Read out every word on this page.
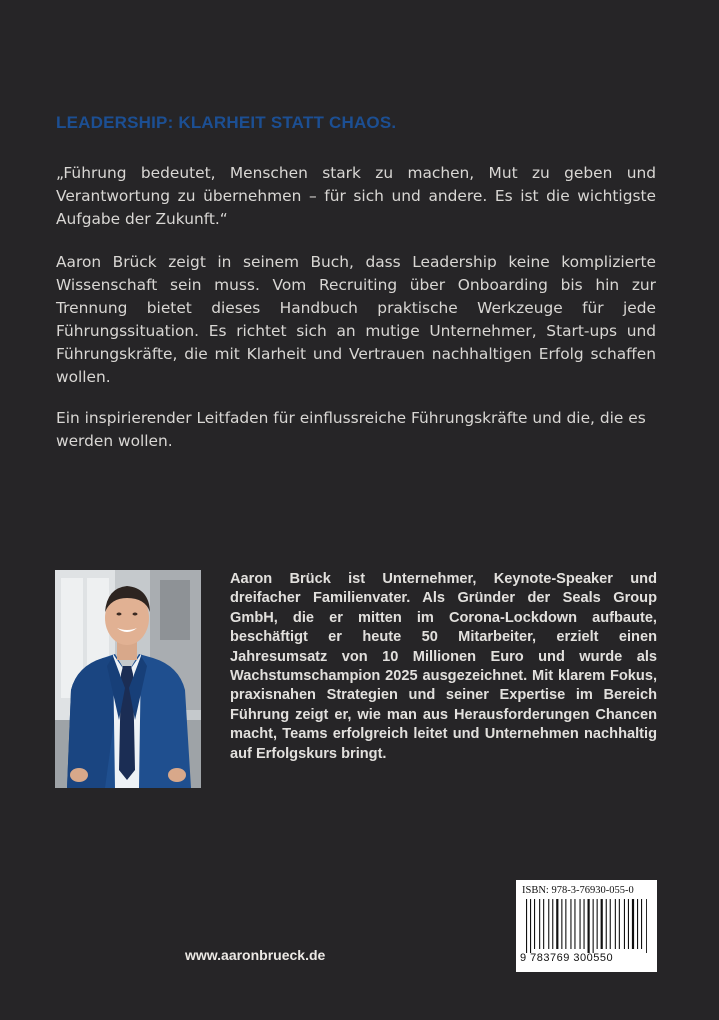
LEADERSHIP: KLARHEIT STATT CHAOS.

„Führung bedeutet, Menschen stark zu machen, Mut zu geben und Verantwortung zu übernehmen – für sich und andere. Es ist die wichtigste Aufgabe der Zukunft.“

Aaron Brück zeigt in seinem Buch, dass Leadership keine komplizierte Wissenschaft sein muss. Vom Recruiting über Onboarding bis hin zur Trennung bietet dieses Handbuch praktische Werkzeuge für jede Führungssituation. Es richtet sich an mutige Unternehmer, Start-ups und Führungskräfte, die mit Klarheit und Vertrauen nachhaltigen Erfolg schaffen wollen.

Ein inspirierender Leitfaden für einflussreiche Führungskräfte und die, die es werden wollen.

Aaron Brück ist Unternehmer, Keynote-Speaker und dreifacher Familienvater. Als Gründer der Seals Group GmbH, die er mitten im Corona-Lockdown aufbaute, beschäftigt er heute 50 Mitarbeiter, erzielt einen Jahresumsatz von 10 Millionen Euro und wurde als Wachstumschampion 2025 ausgezeichnet. Mit klarem Fokus, praxisnahen Strategien und seiner Expertise im Bereich Führung zeigt er, wie man aus Herausforderungen Chancen macht, Teams erfolgreich leitet und Unternehmen nachhaltig auf Erfolgskurs bringt.

www.aaronbrueck.de
ISBN: 978-3-76930-055-0
9 783769 300550
